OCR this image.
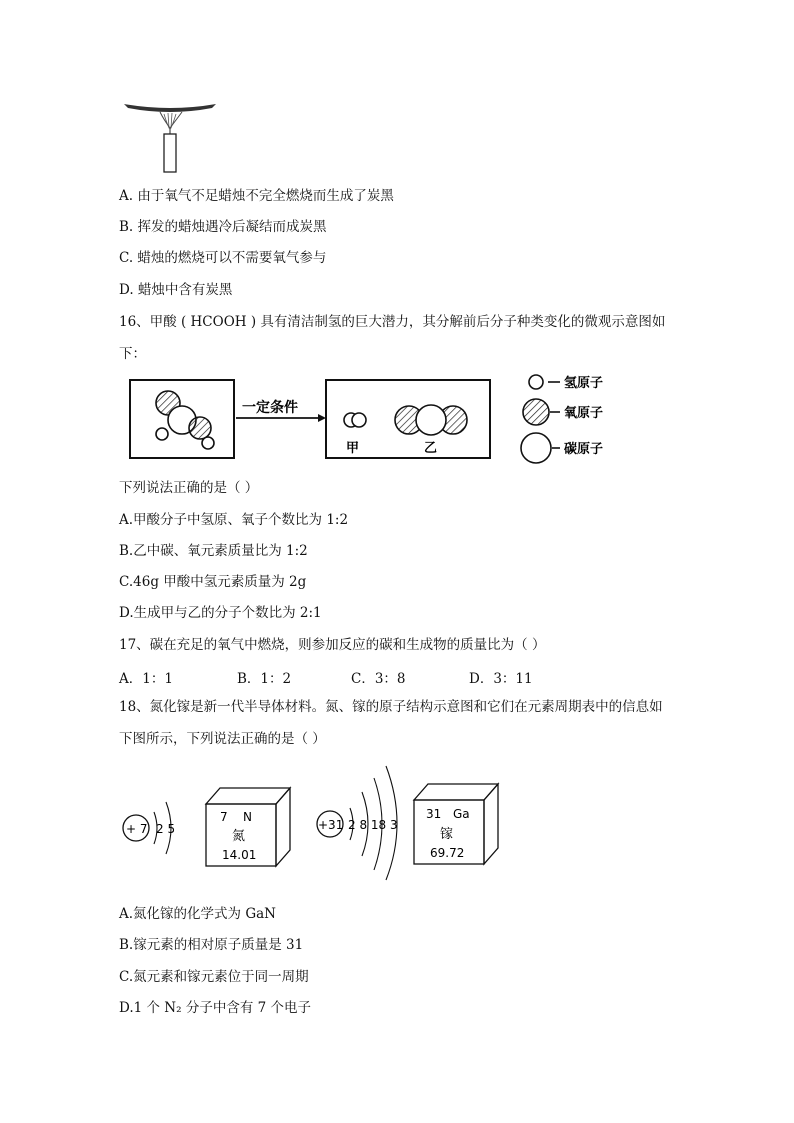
A. 由于氧气不足蜡烛不完全燃烧而生成了炭黑
B. 挥发的蜡烛遇冷后凝结而成炭黑
C. 蜡烛的燃烧可以不需要氧气参与
D. 蜡烛中含有炭黑
16、甲酸 ( HCOOH ) 具有清洁制氢的巨大潜力，其分解前后分子种类变化的微观示意图如
下：
一定条件
甲	乙
氢原子
氧原子
碳原子
下列说法正确的是（ ）
A.甲酸分子中氢原、氧子个数比为 1:2
B.乙中碳、氧元素质量比为 1:2
C.46g 甲酸中氢元素质量为 2g
D.生成甲与乙的分子个数比为 2:1
17、碳在充足的氧气中燃烧，则参加反应的碳和生成物的质量比为（ ）
A．1：1	B．1：2	C．3：8	D．3：11
18、氮化镓是新一代半导体材料。氮、镓的原子结构示意图和它们在元素周期表中的信息如
下图所示，下列说法正确的是（ ）
+ 7 2 5
7 N
氮
14.01
+31 2 8 18 3
31 Ga
镓
69.72
A.氮化镓的化学式为 GaN
B.镓元素的相对原子质量是 31
C.氮元素和镓元素位于同一周期
D.1 个 N₂ 分子中含有 7 个电子
